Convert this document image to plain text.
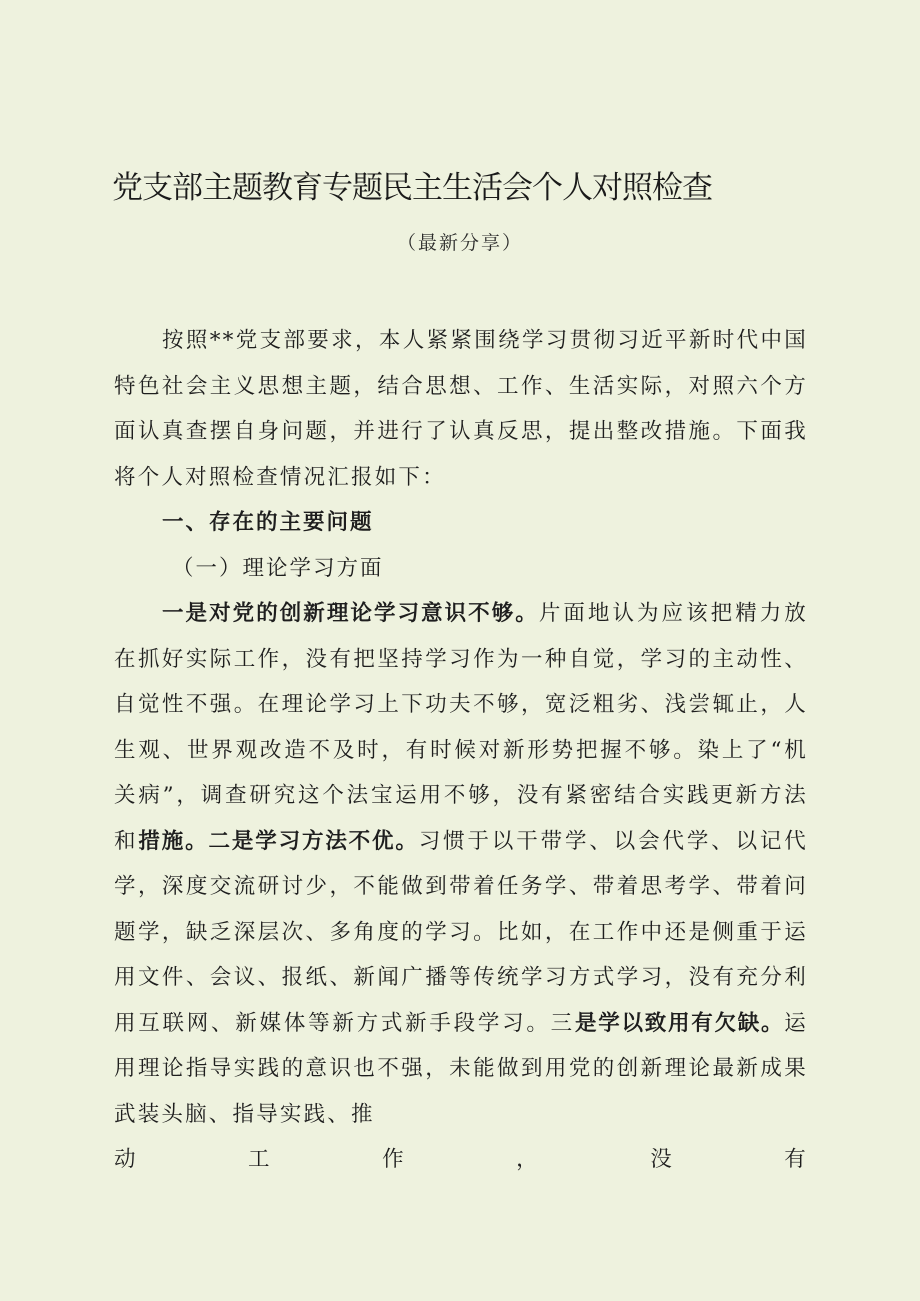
党支部主题教育专题民主生活会个人对照检查
（最新分享）

按照**党支部要求，本人紧紧围绕学习贯彻习近平新时代中国特色社会主义思想主题，结合思想、工作、生活实际，对照六个方面认真查摆自身问题，并进行了认真反思，提出整改措施。下面我将个人对照检查情况汇报如下：

一、存在的主要问题

（一）理论学习方面

一是对党的创新理论学习意识不够。片面地认为应该把精力放在抓好实际工作，没有把坚持学习作为一种自觉，学习的主动性、自觉性不强。在理论学习上下功夫不够，宽泛粗劣、浅尝辄止，人生观、世界观改造不及时，有时候对新形势把握不够。染上了“机关病”，调查研究这个法宝运用不够，没有紧密结合实践更新方法和措施。二是学习方法不优。习惯于以干带学、以会代学、以记代学，深度交流研讨少，不能做到带着任务学、带着思考学、带着问题学，缺乏深层次、多角度的学习。比如，在工作中还是侧重于运用文件、会议、报纸、新闻广播等传统学习方式学习，没有充分利用互联网、新媒体等新方式新手段学习。三是学以致用有欠缺。运用理论指导实践的意识也不强，未能做到用党的创新理论最新成果武装头脑、指导实践、推

动	工	作	，	没	有
